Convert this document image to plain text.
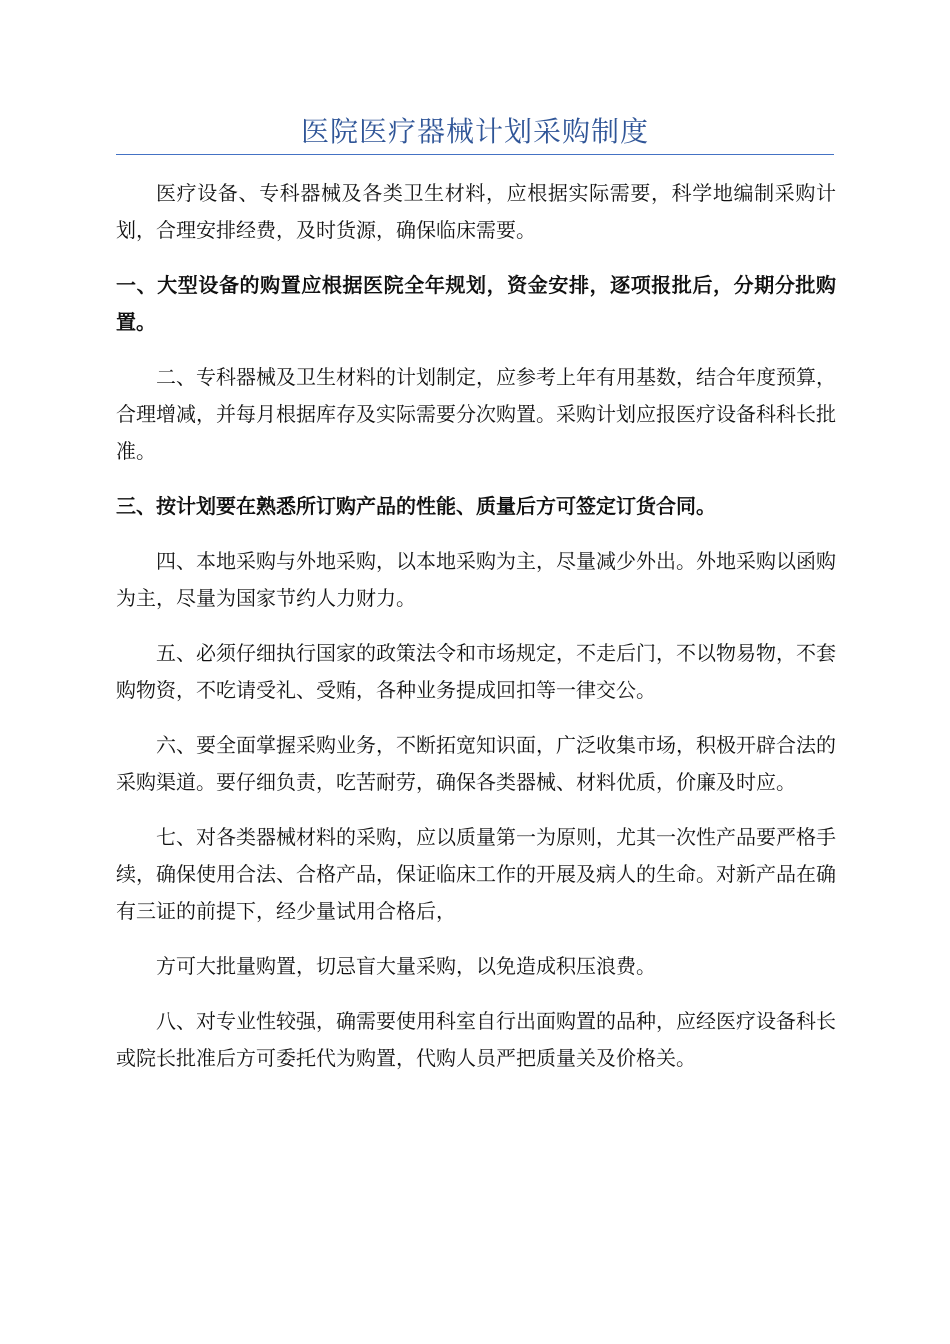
医院医疗器械计划采购制度

医疗设备、专科器械及各类卫生材料，应根据实际需要，科学地编制采购计划，合理安排经费，及时货源，确保临床需要。

一、大型设备的购置应根据医院全年规划，资金安排，逐项报批后，分期分批购置。

二、专科器械及卫生材料的计划制定，应参考上年有用基数，结合年度预算，合理增减，并每月根据库存及实际需要分次购置。采购计划应报医疗设备科科长批准。

三、按计划要在熟悉所订购产品的性能、质量后方可签定订货合同。

四、本地采购与外地采购，以本地采购为主，尽量减少外出。外地采购以函购为主，尽量为国家节约人力财力。

五、必须仔细执行国家的政策法令和市场规定，不走后门，不以物易物，不套购物资，不吃请受礼、受贿，各种业务提成回扣等一律交公。

六、要全面掌握采购业务，不断拓宽知识面，广泛收集市场，积极开辟合法的采购渠道。要仔细负责，吃苦耐劳，确保各类器械、材料优质，价廉及时应。

七、对各类器械材料的采购，应以质量第一为原则，尤其一次性产品要严格手续，确保使用合法、合格产品，保证临床工作的开展及病人的生命。对新产品在确有三证的前提下，经少量试用合格后，

方可大批量购置，切忌盲大量采购，以免造成积压浪费。

八、对专业性较强，确需要使用科室自行出面购置的品种，应经医疗设备科长或院长批准后方可委托代为购置，代购人员严把质量关及价格关。
